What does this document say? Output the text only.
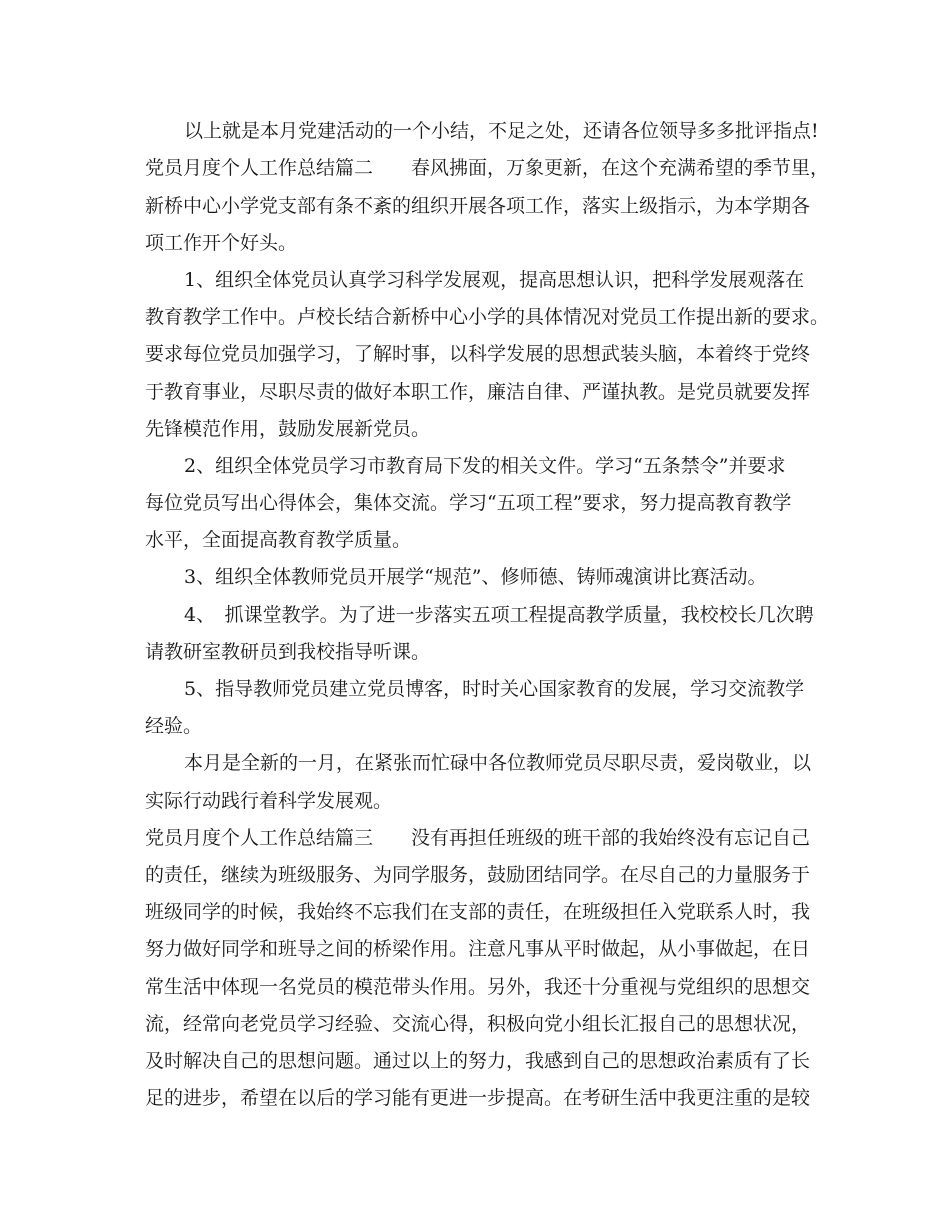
以上就是本月党建活动的一个小结，不足之处，还请各位领导多多批评指点!
党员月度个人工作总结篇二　　春风拂面，万象更新，在这个充满希望的季节里，
新桥中心小学党支部有条不紊的组织开展各项工作，落实上级指示，为本学期各
项工作开个好头。
1、组织全体党员认真学习科学发展观，提高思想认识，把科学发展观落在
教育教学工作中。卢校长结合新桥中心小学的具体情况对党员工作提出新的要求。
要求每位党员加强学习，了解时事，以科学发展的思想武装头脑，本着终于党终
于教育事业，尽职尽责的做好本职工作，廉洁自律、严谨执教。是党员就要发挥
先锋模范作用，鼓励发展新党员。
2、组织全体党员学习市教育局下发的相关文件。学习“五条禁令”并要求
每位党员写出心得体会，集体交流。学习“五项工程”要求，努力提高教育教学
水平，全面提高教育教学质量。
3、组织全体教师党员开展学“规范”、修师德、铸师魂演讲比赛活动。
4、　抓课堂教学。为了进一步落实五项工程提高教学质量，我校校长几次聘
请教研室教研员到我校指导听课。
5、指导教师党员建立党员博客，时时关心国家教育的发展，学习交流教学
经验。
本月是全新的一月，在紧张而忙碌中各位教师党员尽职尽责，爱岗敬业，以
实际行动践行着科学发展观。
党员月度个人工作总结篇三　　没有再担任班级的班干部的我始终没有忘记自己
的责任，继续为班级服务、为同学服务，鼓励团结同学。在尽自己的力量服务于
班级同学的时候，我始终不忘我们在支部的责任，在班级担任入党联系人时，我
努力做好同学和班导之间的桥梁作用。注意凡事从平时做起，从小事做起，在日
常生活中体现一名党员的模范带头作用。另外，我还十分重视与党组织的思想交
流，经常向老党员学习经验、交流心得，积极向党小组长汇报自己的思想状况，
及时解决自己的思想问题。通过以上的努力，我感到自己的思想政治素质有了长
足的进步，希望在以后的学习能有更进一步提高。在考研生活中我更注重的是较
